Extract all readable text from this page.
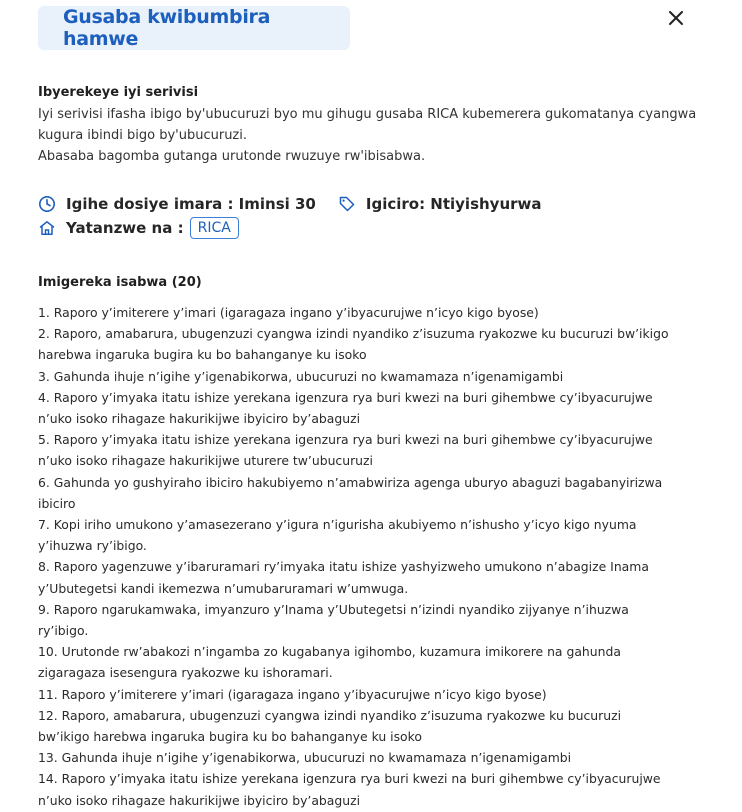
Gusaba kwibumbira hamwe
Ibyerekeye iyi serivisi
Iyi serivisi ifasha ibigo by'ubucuruzi byo mu gihugu gusaba RICA kubemerera gukomatanya cyangwa
kugura ibindi bigo by'ubucuruzi.
Abasaba bagomba gutanga urutonde rwuzuye rw'ibisabwa.
Igihe dosiye imara : Iminsi 30	Igiciro: Ntiyishyurwa
Yatanzwe na :	RICA
Imigereka isabwa (20)
1. Raporo y’imiterere y’imari (igaragaza ingano y’ibyacurujwe n’icyo kigo byose)
2. Raporo, amabarura, ubugenzuzi cyangwa izindi nyandiko z’isuzuma ryakozwe ku bucuruzi bw’ikigo
harebwa ingaruka bugira ku bo bahanganye ku isoko
3. Gahunda ihuje n’igihe y’igenabikorwa, ubucuruzi no kwamamaza n’igenamigambi
4. Raporo y’imyaka itatu ishize yerekana igenzura rya buri kwezi na buri gihembwe cy’ibyacurujwe
n’uko isoko rihagaze hakurikijwe ibyiciro by’abaguzi
5. Raporo y’imyaka itatu ishize yerekana igenzura rya buri kwezi na buri gihembwe cy’ibyacurujwe
n’uko isoko rihagaze hakurikijwe uturere tw’ubucuruzi
6. Gahunda yo gushyiraho ibiciro hakubiyemo n’amabwiriza agenga uburyo abaguzi bagabanyirizwa
ibiciro
7. Kopi iriho umukono y’amasezerano y’igura n’igurisha akubiyemo n’ishusho y’icyo kigo nyuma
y’ihuzwa ry’ibigo.
8. Raporo yagenzuwe y’ibaruramari ry’imyaka itatu ishize yashyizweho umukono n’abagize Inama
y’Ubutegetsi kandi ikemezwa n’umubaruramari w’umwuga.
9. Raporo ngarukamwaka, imyanzuro y’Inama y’Ubutegetsi n’izindi nyandiko zijyanye n’ihuzwa
ry’ibigo.
10. Urutonde rw’abakozi n’ingamba zo kugabanya igihombo, kuzamura imikorere na gahunda
zigaragaza isesengura ryakozwe ku ishoramari.
11. Raporo y’imiterere y’imari (igaragaza ingano y’ibyacurujwe n’icyo kigo byose)
12. Raporo, amabarura, ubugenzuzi cyangwa izindi nyandiko z’isuzuma ryakozwe ku bucuruzi
bw’ikigo harebwa ingaruka bugira ku bo bahanganye ku isoko
13. Gahunda ihuje n’igihe y’igenabikorwa, ubucuruzi no kwamamaza n’igenamigambi
14. Raporo y’imyaka itatu ishize yerekana igenzura rya buri kwezi na buri gihembwe cy’ibyacurujwe
n’uko isoko rihagaze hakurikijwe ibyiciro by’abaguzi
